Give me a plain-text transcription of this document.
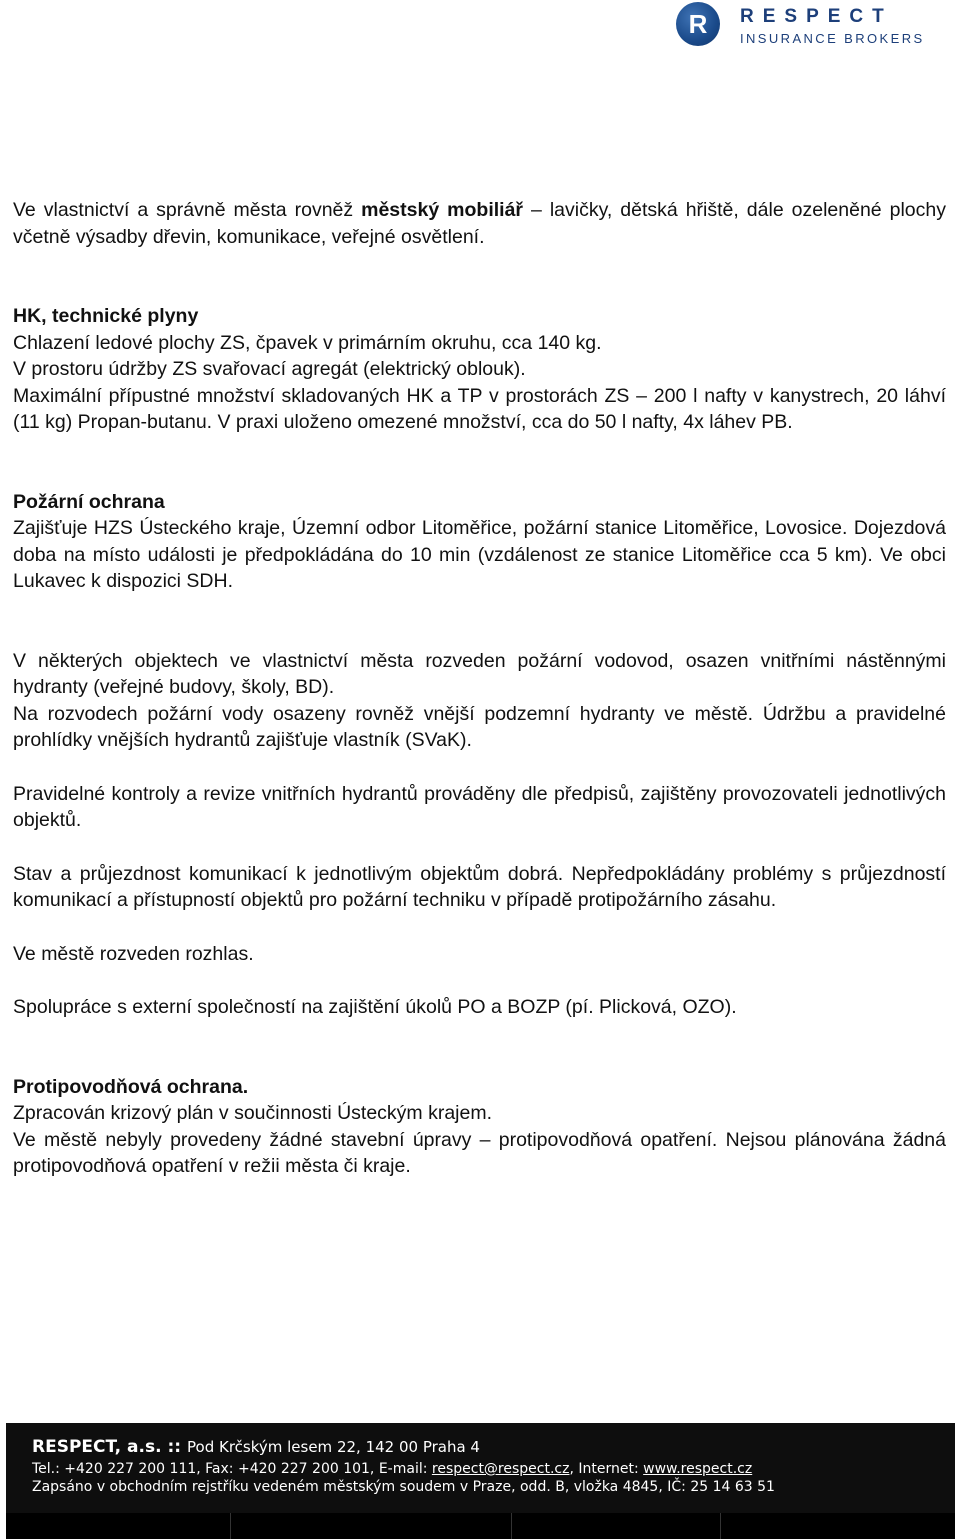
R	RESPECT
INSURANCE BROKERS

Ve vlastnictví a správně města rovněž městský mobiliář – lavičky, dětská hřiště, dále ozeleněné plochy včetně výsadby dřevin, komunikace, veřejné osvětlení.

HK, technické plyny

Chlazení ledové plochy ZS, čpavek v primárním okruhu, cca 140 kg.

V prostoru údržby ZS svařovací agregát (elektrický oblouk).

Maximální přípustné množství skladovaných HK a TP v prostorách ZS – 200 l nafty v kanystrech, 20 láhví (11 kg) Propan-butanu. V praxi uloženo omezené množství, cca do 50 l nafty, 4x láhev PB.

Požární ochrana

Zajišťuje HZS Ústeckého kraje, Územní odbor Litoměřice, požární stanice Litoměřice, Lovosice. Dojezdová doba na místo události je předpokládána do 10 min (vzdálenost ze stanice Litoměřice cca 5 km). Ve obci Lukavec k dispozici SDH.

V některých objektech ve vlastnictví města rozveden požární vodovod, osazen vnitřními nástěnnými hydranty (veřejné budovy, školy, BD).

Na rozvodech požární vody osazeny rovněž vnější podzemní hydranty ve městě. Údržbu a pravidelné prohlídky vnějších hydrantů zajišťuje vlastník (SVaK).

Pravidelné kontroly a revize vnitřních hydrantů prováděny dle předpisů, zajištěny provozovateli jednotlivých objektů.

Stav a průjezdnost komunikací k jednotlivým objektům dobrá. Nepředpokládány problémy s průjezdností komunikací a přístupností objektů pro požární techniku v případě protipožárního zásahu.

Ve městě rozveden rozhlas.

Spolupráce s externí společností na zajištění úkolů PO a BOZP (pí. Plicková, OZO).

Protipovodňová ochrana.

Zpracován krizový plán v součinnosti Ústeckým krajem.

Ve městě nebyly provedeny žádné stavební úpravy – protipovodňová opatření. Nejsou plánována žádná protipovodňová opatření v režii města či kraje.

RESPECT, a.s. :: Pod Krčským lesem 22, 142 00 Praha 4
Tel.: +420 227 200 111, Fax: +420 227 200 101, E-mail: respect@respect.cz, Internet: www.respect.cz
Zapsáno v obchodním rejstříku vedeném městským soudem v Praze, odd. B, vložka 4845, IČ: 25 14 63 51
